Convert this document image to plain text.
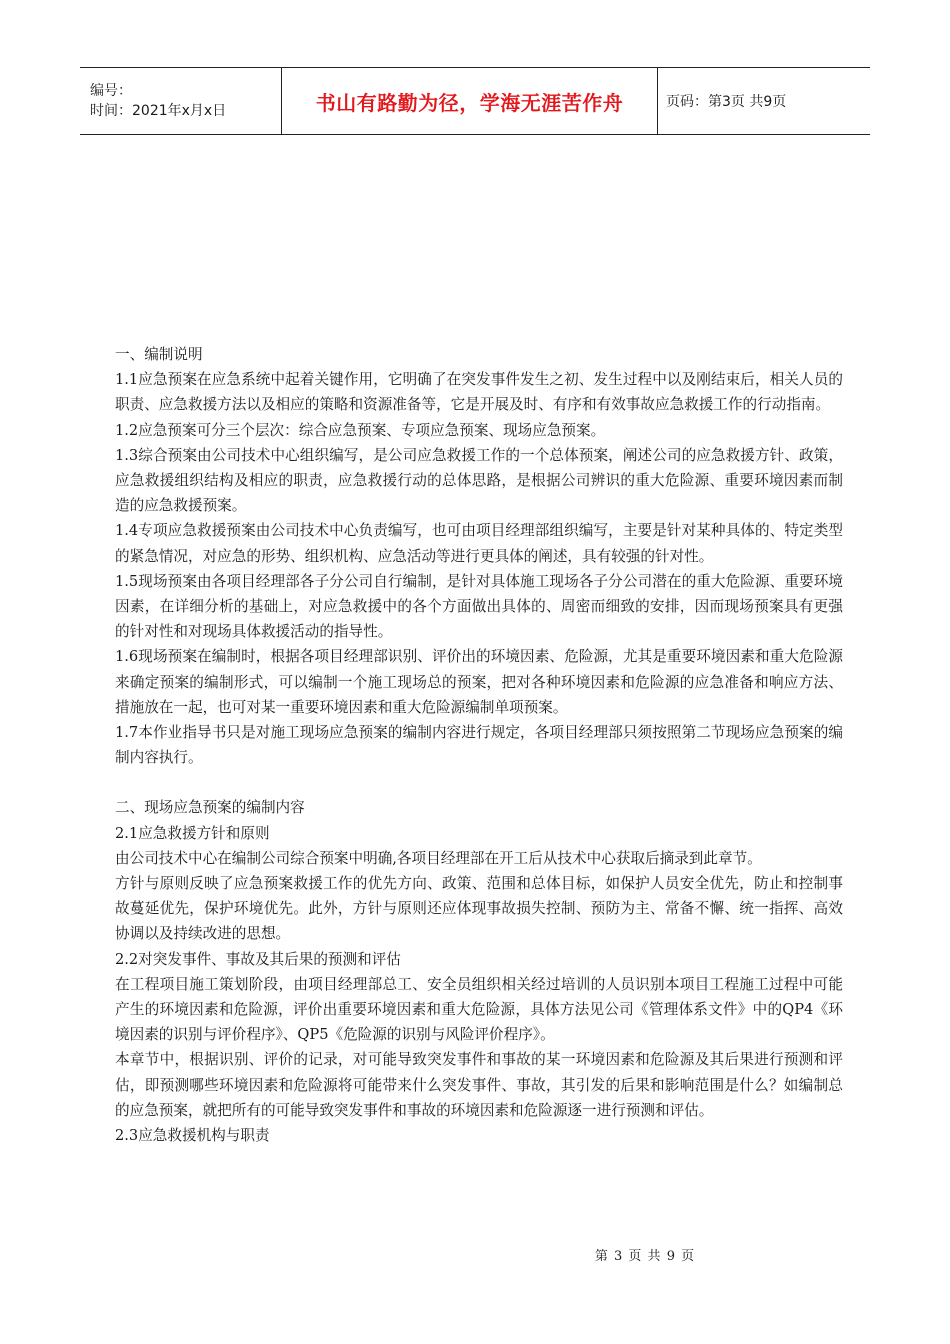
编号：
时间：2021年x月x日	书山有路勤为径，学海无涯苦作舟	页码：第3页 共9页

一、编制说明

1.1应急预案在应急系统中起着关键作用，它明确了在突发事件发生之初、发生过程中以及刚结束后，相关人员的职责、应急救援方法以及相应的策略和资源准备等，它是开展及时、有序和有效事故应急救援工作的行动指南。

1.2应急预案可分三个层次：综合应急预案、专项应急预案、现场应急预案。

1.3综合预案由公司技术中心组织编写，是公司应急救援工作的一个总体预案，阐述公司的应急救援方针、政策，应急救援组织结构及相应的职责，应急救援行动的总体思路，是根据公司辨识的重大危险源、重要环境因素而制造的应急救援预案。

1.4专项应急救援预案由公司技术中心负责编写，也可由项目经理部组织编写，主要是针对某种具体的、特定类型的紧急情况，对应急的形势、组织机构、应急活动等进行更具体的阐述，具有较强的针对性。

1.5现场预案由各项目经理部各子分公司自行编制，是针对具体施工现场各子分公司潜在的重大危险源、重要环境因素，在详细分析的基础上，对应急救援中的各个方面做出具体的、周密而细致的安排，因而现场预案具有更强的针对性和对现场具体救援活动的指导性。

1.6现场预案在编制时，根据各项目经理部识别、评价出的环境因素、危险源，尤其是重要环境因素和重大危险源来确定预案的编制形式，可以编制一个施工现场总的预案，把对各种环境因素和危险源的应急准备和响应方法、措施放在一起，也可对某一重要环境因素和重大危险源编制单项预案。

1.7本作业指导书只是对施工现场应急预案的编制内容进行规定，各项目经理部只须按照第二节现场应急预案的编制内容执行。

二、现场应急预案的编制内容

2.1应急救援方针和原则

由公司技术中心在编制公司综合预案中明确,各项目经理部在开工后从技术中心获取后摘录到此章节。

方针与原则反映了应急预案救援工作的优先方向、政策、范围和总体目标，如保护人员安全优先，防止和控制事故蔓延优先，保护环境优先。此外，方针与原则还应体现事故损失控制、预防为主、常备不懈、统一指挥、高效协调以及持续改进的思想。

2.2对突发事件、事故及其后果的预测和评估

在工程项目施工策划阶段，由项目经理部总工、安全员组织相关经过培训的人员识别本项目工程施工过程中可能产生的环境因素和危险源，评价出重要环境因素和重大危险源，具体方法见公司《管理体系文件》中的QP4《环境因素的识别与评价程序》、QP5《危险源的识别与风险评价程序》。

本章节中，根据识别、评价的记录，对可能导致突发事件和事故的某一环境因素和危险源及其后果进行预测和评估，即预测哪些环境因素和危险源将可能带来什么突发事件、事故，其引发的后果和影响范围是什么？如编制总的应急预案，就把所有的可能导致突发事件和事故的环境因素和危险源逐一进行预测和评估。

2.3应急救援机构与职责

第 3 页 共 9 页
